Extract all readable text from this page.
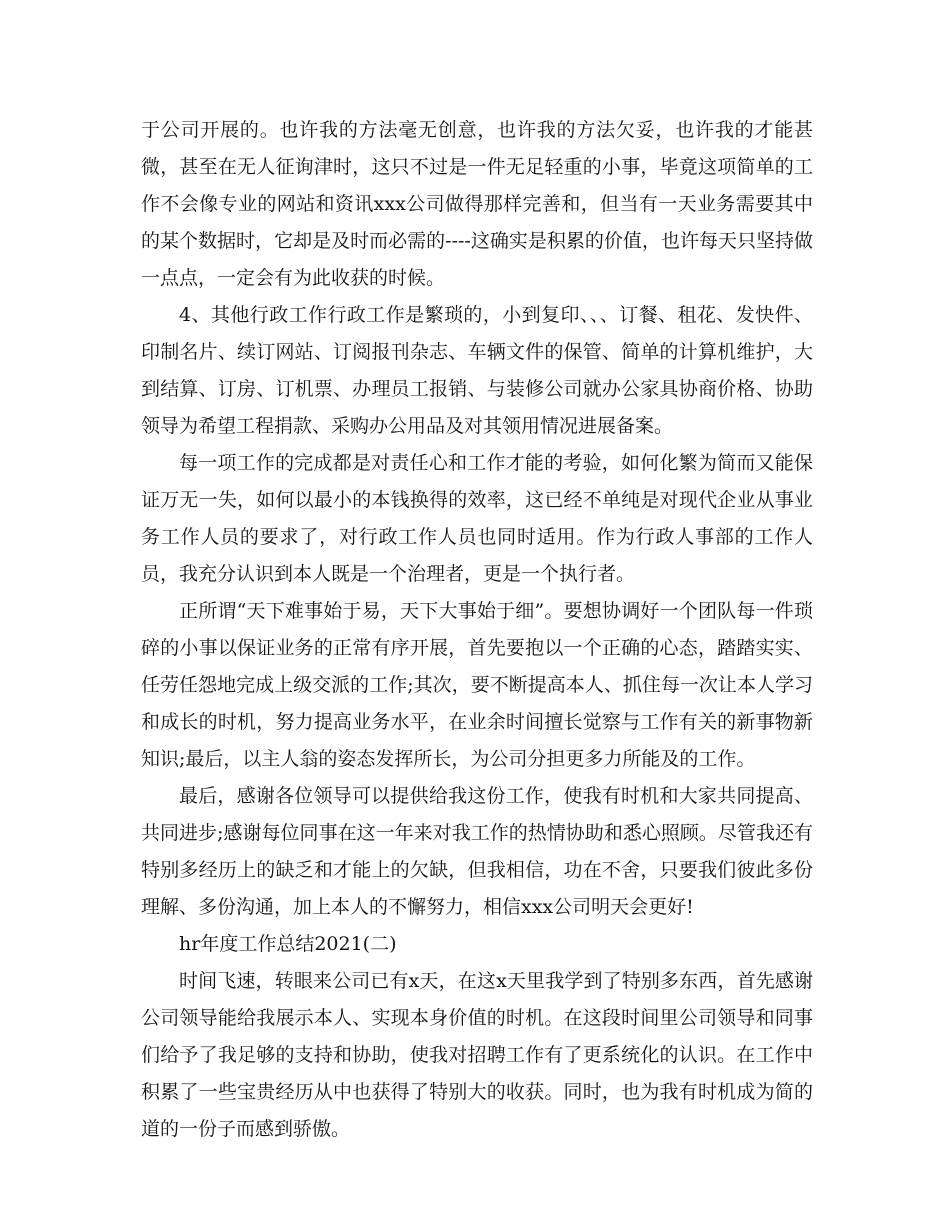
于公司开展的。也许我的方法毫无创意，也许我的方法欠妥，也许我的才能甚微，甚至在无人征询津时，这只不过是一件无足轻重的小事，毕竟这项简单的工作不会像专业的网站和资讯xxx公司做得那样完善和，但当有一天业务需要其中的某个数据时，它却是及时而必需的----这确实是积累的价值，也许每天只坚持做一点点，一定会有为此收获的时候。

4、其他行政工作行政工作是繁琐的，小到复印、、、订餐、租花、发快件、印制名片、续订网站、订阅报刊杂志、车辆文件的保管、简单的计算机维护，大到结算、订房、订机票、办理员工报销、与装修公司就办公家具协商价格、协助领导为希望工程捐款、采购办公用品及对其领用情况进展备案。

每一项工作的完成都是对责任心和工作才能的考验，如何化繁为简而又能保证万无一失，如何以最小的本钱换得的效率，这已经不单纯是对现代企业从事业务工作人员的要求了，对行政工作人员也同时适用。作为行政人事部的工作人员，我充分认识到本人既是一个治理者，更是一个执行者。

正所谓“天下难事始于易，天下大事始于细”。要想协调好一个团队每一件琐碎的小事以保证业务的正常有序开展，首先要抱以一个正确的心态，踏踏实实、任劳任怨地完成上级交派的工作;其次，要不断提高本人、抓住每一次让本人学习和成长的时机，努力提高业务水平，在业余时间擅长觉察与工作有关的新事物新知识;最后，以主人翁的姿态发挥所长，为公司分担更多力所能及的工作。

最后，感谢各位领导可以提供给我这份工作，使我有时机和大家共同提高、共同进步;感谢每位同事在这一年来对我工作的热情协助和悉心照顾。尽管我还有特别多经历上的缺乏和才能上的欠缺，但我相信，功在不舍，只要我们彼此多份理解、多份沟通，加上本人的不懈努力，相信xxx公司明天会更好!

hr年度工作总结2021(二)

时间飞速，转眼来公司已有x天，在这x天里我学到了特别多东西，首先感谢公司领导能给我展示本人、实现本身价值的时机。在这段时间里公司领导和同事们给予了我足够的支持和协助，使我对招聘工作有了更系统化的认识。在工作中积累了一些宝贵经历从中也获得了特别大的收获。同时，也为我有时机成为简的道的一份子而感到骄傲。
